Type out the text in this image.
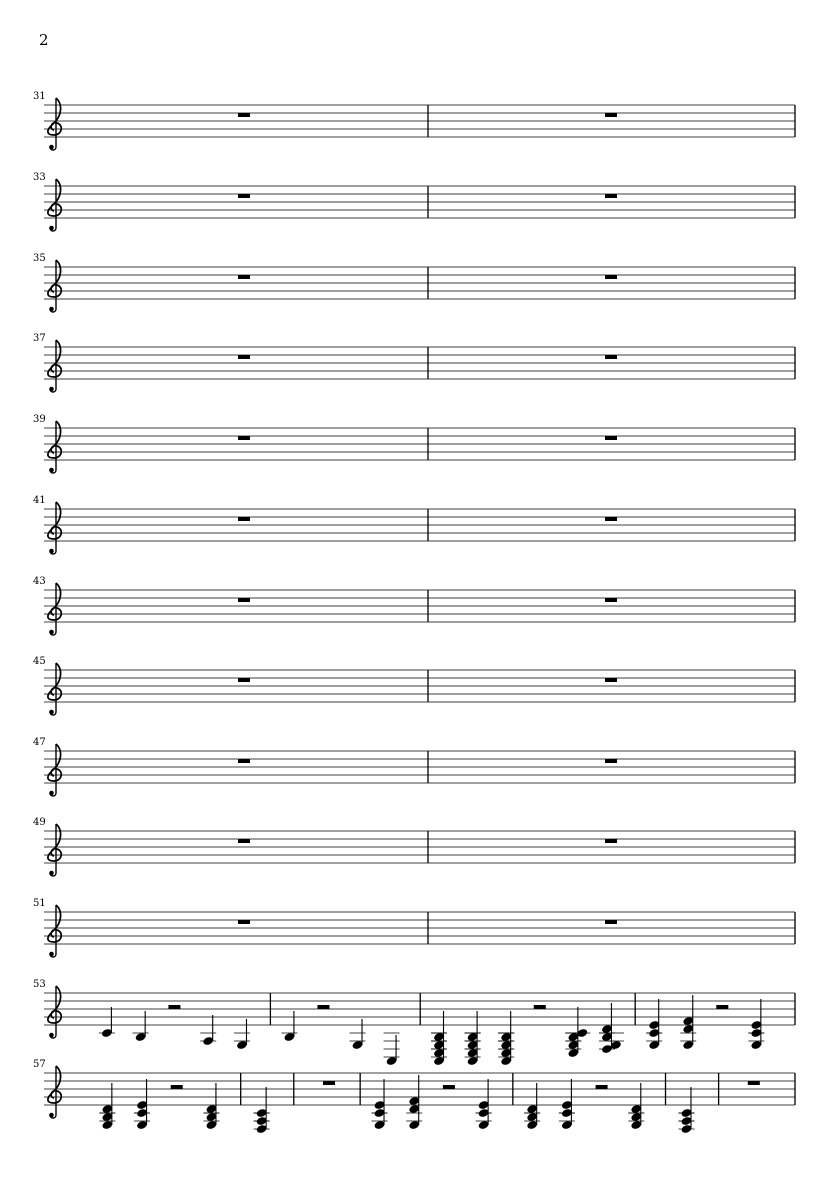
2
31
33
35
37
39
41
43
45
47
49
51
53
57
